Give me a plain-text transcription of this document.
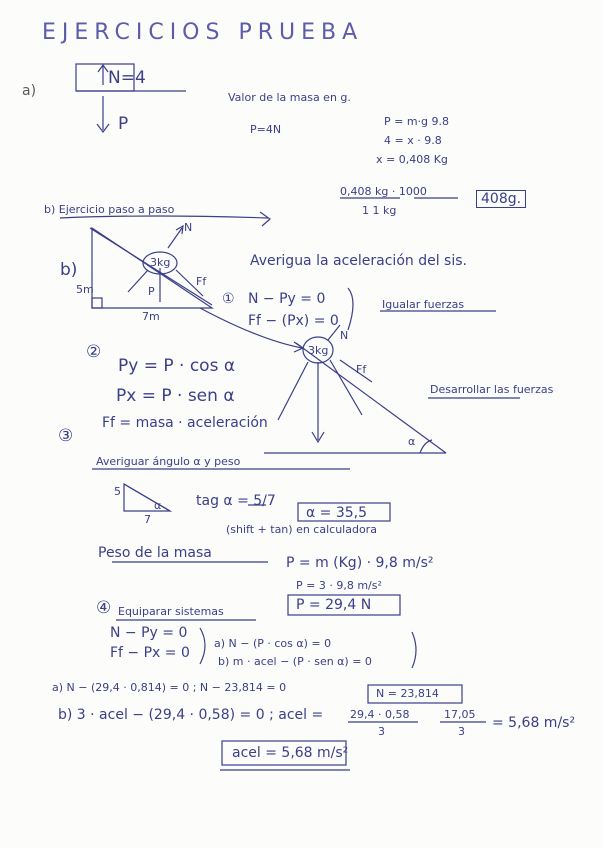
EJERCICIOS PRUEBA
a)
N=4
P
Valor de la masa en g.
P=4N
P = m·g 9.8
4 = x · 9.8
x = 0,408 Kg
0,408 kg · 1000
1 1 kg
408g.
b) Ejercicio paso a paso
b)	3kg
N
Ff
5m
7m
P
Averigua la aceleración del sis.
① N − Py = 0
Ff − (Px) = 0
Igualar fuerzas
②
Py = P · cos α
Px = P · sen α
Ff = masa · aceleración
Desarrollar las fuerzas
3kg
N
Ff
α
③
Averiguar ángulo α y peso
5
7
α tag α = 5/7
α = 35,5
(shift + tan) en calculadora
Peso de la masa
P = m (Kg) · 9,8 m/s²
P = 3 · 9,8 m/s²
P = 29,4 N
④ Equiparar sistemas
N − Py = 0
Ff − Px = 0
a) N − (P · cos α) = 0
b) m · acel − (P · sen α) = 0
a) N − (29,4 · 0,814) = 0 ; N − 23,814 = 0	N = 23,814
b) 3 · acel − (29,4 · 0,58) = 0 ; acel = 29,4 · 0,58
3
17,05
3
= 5,68 m/s²
acel = 5,68 m/s²
